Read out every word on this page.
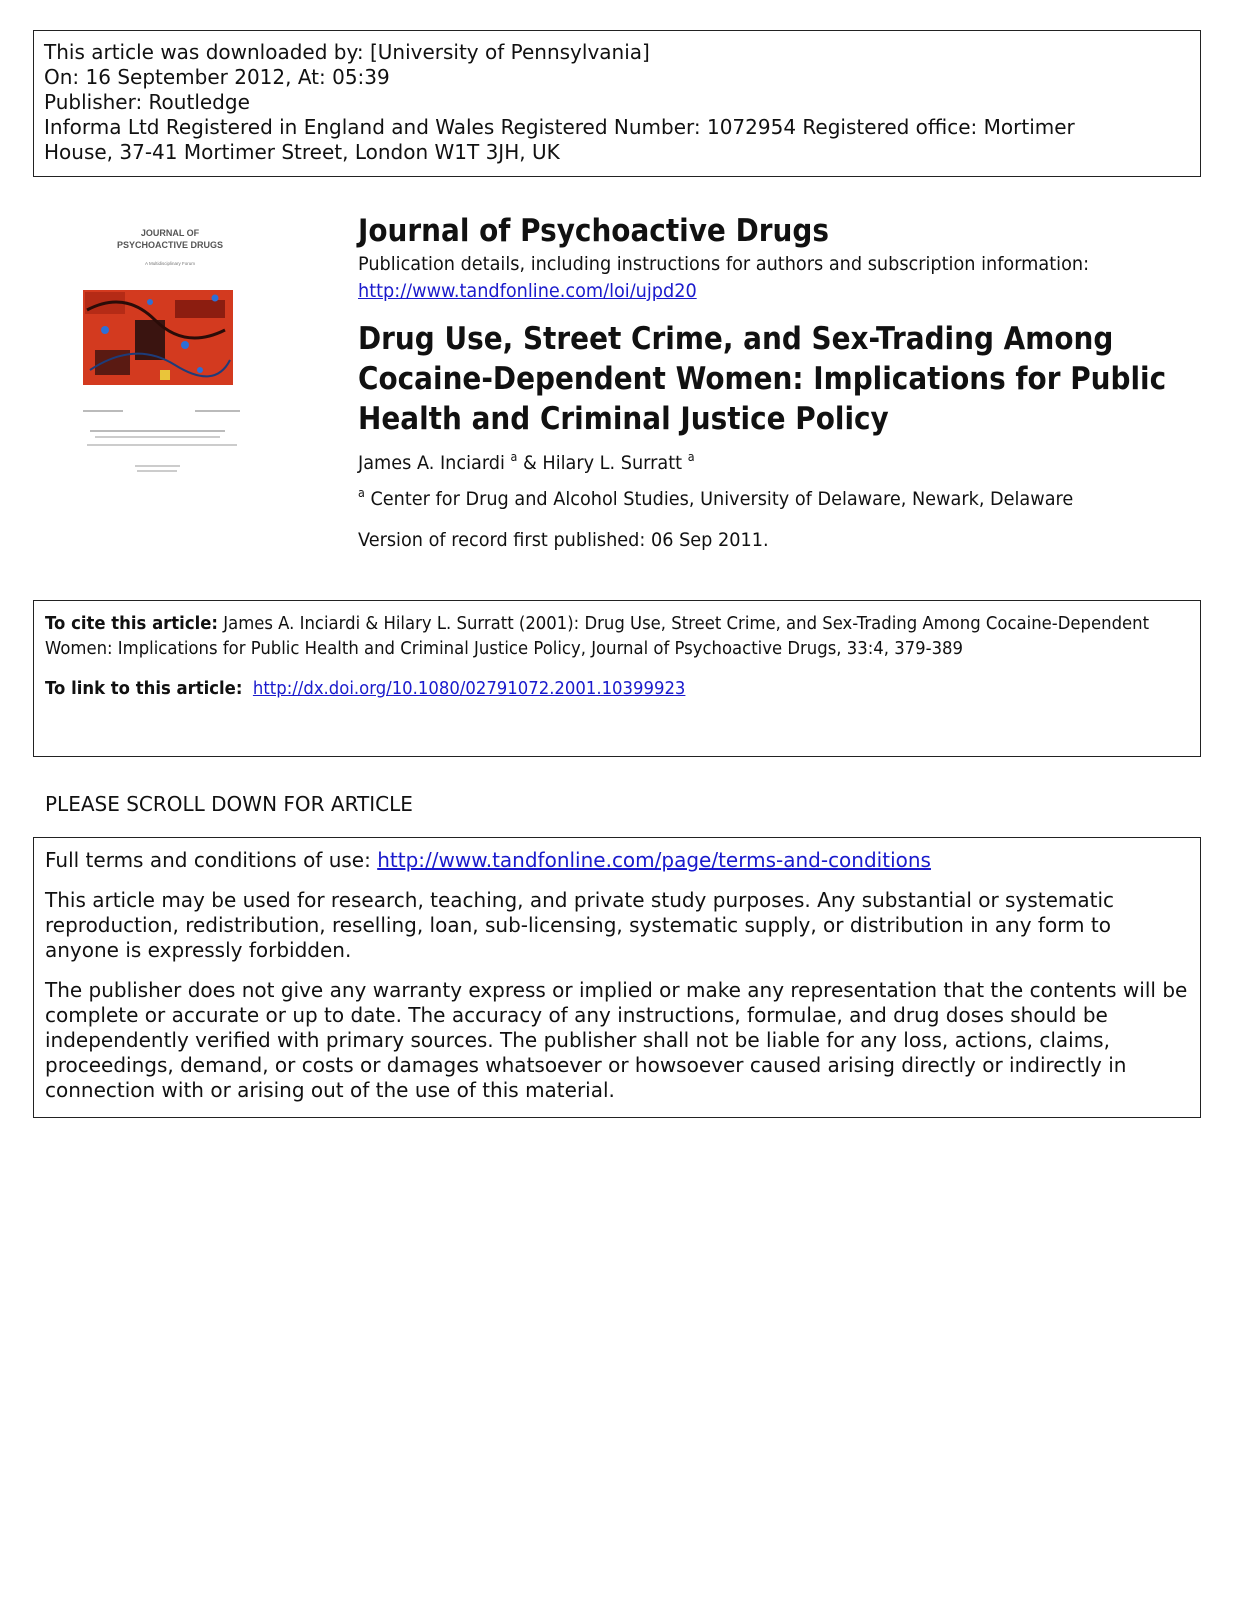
This article was downloaded by: [University of Pennsylvania]
On: 16 September 2012, At: 05:39
Publisher: Routledge
Informa Ltd Registered in England and Wales Registered Number: 1072954 Registered office: Mortimer
House, 37-41 Mortimer Street, London W1T 3JH, UK
JOURNAL OF
PSYCHOACTIVE DRUGS
A Multidisciplinary Forum
Journal of Psychoactive Drugs
Publication details, including instructions for authors and subscription information:
http://www.tandfonline.com/loi/ujpd20
Drug Use, Street Crime, and Sex-Trading Among Cocaine-Dependent Women: Implications for Public Health and Criminal Justice Policy
James A. Inciardi $^a$ & Hilary L. Surratt $^a$
$^a$ Center for Drug and Alcohol Studies, University of Delaware, Newark, Delaware
Version of record first published: 06 Sep 2011.
To cite this article: James A. Inciardi & Hilary L. Surratt (2001): Drug Use, Street Crime, and Sex-Trading Among Cocaine-Dependent Women: Implications for Public Health and Criminal Justice Policy, Journal of Psychoactive Drugs, 33:4, 379-389
To link to this article: http://dx.doi.org/10.1080/02791072.2001.10399923
PLEASE SCROLL DOWN FOR ARTICLE

Full terms and conditions of use: http://www.tandfonline.com/page/terms-and-conditions

This article may be used for research, teaching, and private study purposes. Any substantial or systematic reproduction, redistribution, reselling, loan, sub-licensing, systematic supply, or distribution in any form to anyone is expressly forbidden.

The publisher does not give any warranty express or implied or make any representation that the contents will be complete or accurate or up to date. The accuracy of any instructions, formulae, and drug doses should be independently verified with primary sources. The publisher shall not be liable for any loss, actions, claims, proceedings, demand, or costs or damages whatsoever or howsoever caused arising directly or indirectly in connection with or arising out of the use of this material.
